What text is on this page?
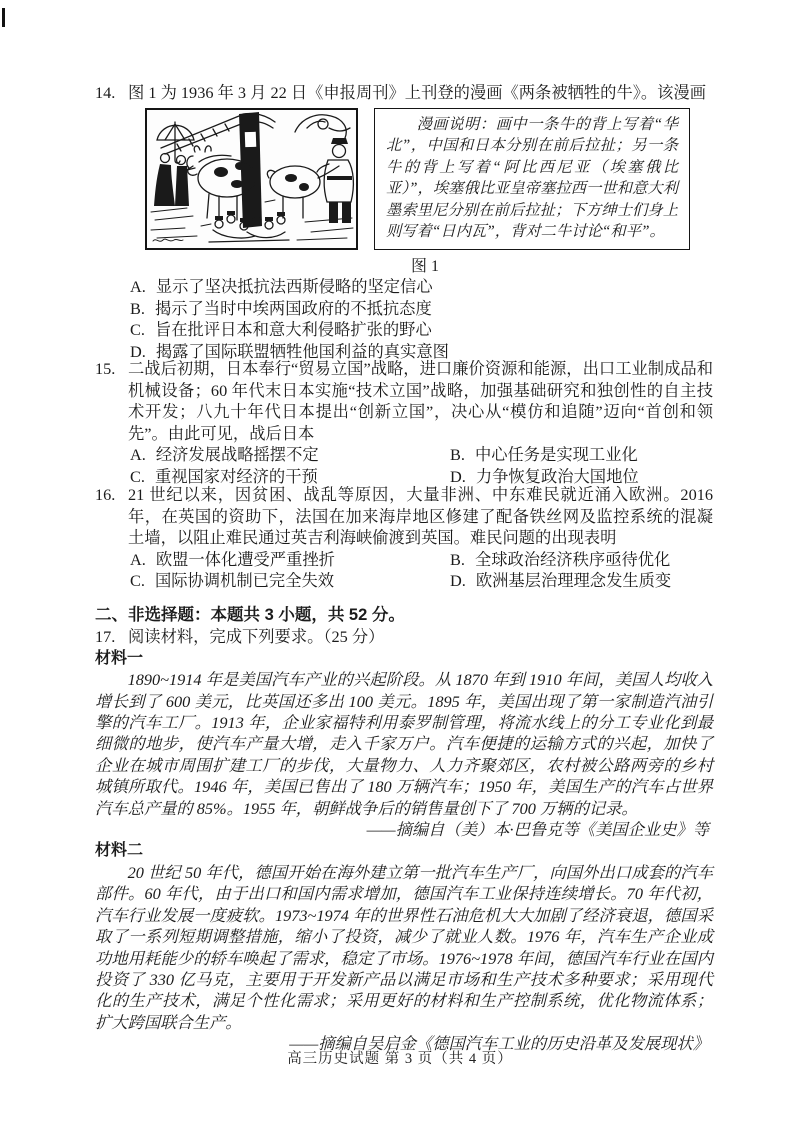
14. 图 1 为 1936 年 3 月 22 日《申报周刊》上刊登的漫画《两条被牺牲的牛》。该漫画
漫画说明：画中一条牛的背上写着“华北”，中国和日本分别在前后拉扯；另一条牛的背上写着“阿比西尼亚（埃塞俄比亚）”，埃塞俄比亚皇帝塞拉西一世和意大利墨索里尼分别在前后拉扯；下方绅士们身上则写着“日内瓦”，背对二牛讨论“和平”。
图 1
A. 显示了坚决抵抗法西斯侵略的坚定信心
B. 揭示了当时中埃两国政府的不抵抗态度
C. 旨在批评日本和意大利侵略扩张的野心
D. 揭露了国际联盟牺牲他国利益的真实意图
15. 二战后初期，日本奉行“贸易立国”战略，进口廉价资源和能源，出口工业制成品和机械设备；60 年代末日本实施“技术立国”战略，加强基础研究和独创性的自主技术开发；八九十年代日本提出“创新立国”，决心从“模仿和追随”迈向“首创和领先”。由此可见，战后日本
A. 经济发展战略摇摆不定	B. 中心任务是实现工业化
C. 重视国家对经济的干预	D. 力争恢复政治大国地位
16. 21 世纪以来，因贫困、战乱等原因，大量非洲、中东难民就近涌入欧洲。2016 年，在英国的资助下，法国在加来海岸地区修建了配备铁丝网及监控系统的混凝土墙，以阻止难民通过英吉利海峡偷渡到英国。难民问题的出现表明
A. 欧盟一体化遭受严重挫折	B. 全球政治经济秩序亟待优化
C. 国际协调机制已完全失效	D. 欧洲基层治理理念发生质变
二、非选择题：本题共 3 小题，共 52 分。
17. 阅读材料，完成下列要求。（25 分）
材料一
1890~1914 年是美国汽车产业的兴起阶段。从 1870 年到 1910 年间，美国人均收入增长到了 600 美元，比英国还多出 100 美元。1895 年，美国出现了第一家制造汽油引擎的汽车工厂。1913 年，企业家福特利用泰罗制管理，将流水线上的分工专业化到最细微的地步，使汽车产量大增，走入千家万户。汽车便捷的运输方式的兴起，加快了企业在城市周围扩建工厂的步伐，大量物力、人力齐聚郊区，农村被公路两旁的乡村城镇所取代。1946 年，美国已售出了 180 万辆汽车；1950 年，美国生产的汽车占世界汽车总产量的 85%。1955 年，朝鲜战争后的销售量创下了 700 万辆的记录。
——摘编自（美）本·巴鲁克等《美国企业史》等
材料二
20 世纪 50 年代，德国开始在海外建立第一批汽车生产厂，向国外出口成套的汽车部件。60 年代，由于出口和国内需求增加，德国汽车工业保持连续增长。70 年代初，汽车行业发展一度疲软。1973~1974 年的世界性石油危机大大加剧了经济衰退，德国采取了一系列短期调整措施，缩小了投资，减少了就业人数。1976 年，汽车生产企业成功地用耗能少的轿车唤起了需求，稳定了市场。1976~1978 年间，德国汽车行业在国内投资了 330 亿马克，主要用于开发新产品以满足市场和生产技术多种要求；采用现代化的生产技术，满足个性化需求；采用更好的材料和生产控制系统，优化物流体系；扩大跨国联合生产。
——摘编自吴启金《德国汽车工业的历史沿革及发展现状》
高三历史试题 第 3 页（共 4 页）
